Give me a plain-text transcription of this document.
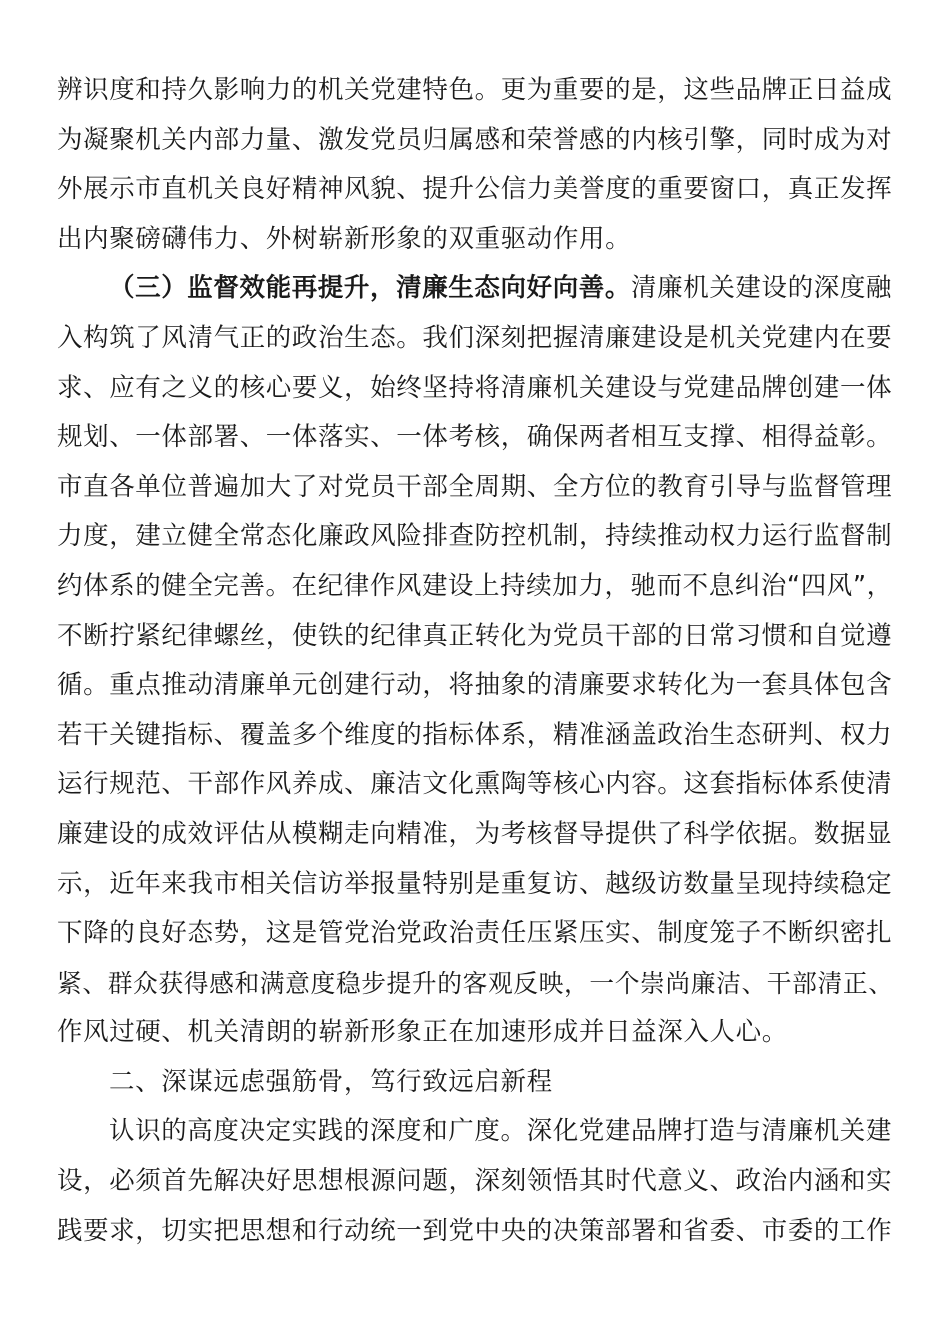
辨识度和持久影响力的机关党建特色。更为重要的是，这些品牌正日益成
为凝聚机关内部力量、激发党员归属感和荣誉感的内核引擎，同时成为对
外展示市直机关良好精神风貌、提升公信力美誉度的重要窗口，真正发挥
出内聚磅礴伟力、外树崭新形象的双重驱动作用。
（三）监督效能再提升，清廉生态向好向善。清廉机关建设的深度融
入构筑了风清气正的政治生态。我们深刻把握清廉建设是机关党建内在要
求、应有之义的核心要义，始终坚持将清廉机关建设与党建品牌创建一体
规划、一体部署、一体落实、一体考核，确保两者相互支撑、相得益彰。
市直各单位普遍加大了对党员干部全周期、全方位的教育引导与监督管理
力度，建立健全常态化廉政风险排查防控机制，持续推动权力运行监督制
约体系的健全完善。在纪律作风建设上持续加力，驰而不息纠治“四风”，
不断拧紧纪律螺丝，使铁的纪律真正转化为党员干部的日常习惯和自觉遵
循。重点推动清廉单元创建行动，将抽象的清廉要求转化为一套具体包含
若干关键指标、覆盖多个维度的指标体系，精准涵盖政治生态研判、权力
运行规范、干部作风养成、廉洁文化熏陶等核心内容。这套指标体系使清
廉建设的成效评估从模糊走向精准，为考核督导提供了科学依据。数据显
示，近年来我市相关信访举报量特别是重复访、越级访数量呈现持续稳定
下降的良好态势，这是管党治党政治责任压紧压实、制度笼子不断织密扎
紧、群众获得感和满意度稳步提升的客观反映，一个崇尚廉洁、干部清正、
作风过硬、机关清朗的崭新形象正在加速形成并日益深入人心。
二、深谋远虑强筋骨，笃行致远启新程
认识的高度决定实践的深度和广度。深化党建品牌打造与清廉机关建
设，必须首先解决好思想根源问题，深刻领悟其时代意义、政治内涵和实
践要求，切实把思想和行动统一到党中央的决策部署和省委、市委的工作
